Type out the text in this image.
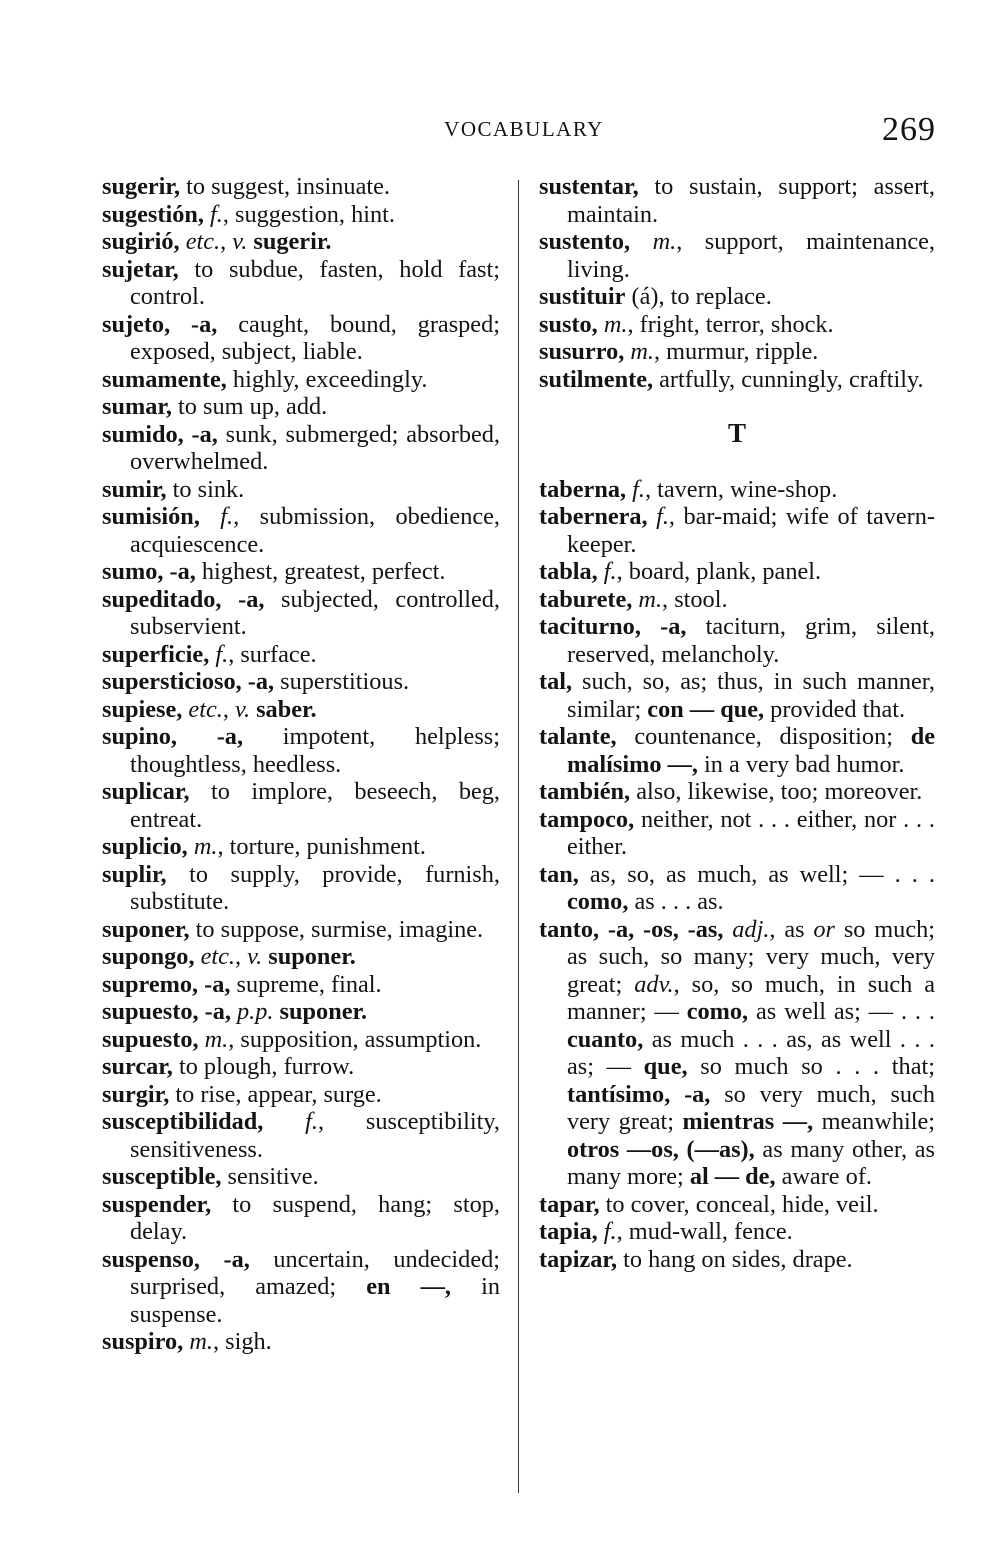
VOCABULARY	269
sugerir, to suggest, insinuate.
sugestión, f., suggestion, hint.
sugirió, etc., v. sugerir.
sujetar, to subdue, fasten, hold fast; control.
sujeto, -a, caught, bound, grasped; exposed, subject, liable.
sumamente, highly, exceedingly.
sumar, to sum up, add.
sumido, -a, sunk, submerged; absorbed, overwhelmed.
sumir, to sink.
sumisión, f., submission, obedience, acquiescence.
sumo, -a, highest, greatest, perfect.
supeditado, -a, subjected, controlled, subservient.
superficie, f., surface.
supersticioso, -a, superstitious.
supiese, etc., v. saber.
supino, -a, impotent, helpless; thoughtless, heedless.
suplicar, to implore, beseech, beg, entreat.
suplicio, m., torture, punishment.
suplir, to supply, provide, furnish, substitute.
suponer, to suppose, surmise, imagine.
supongo, etc., v. suponer.
supremo, -a, supreme, final.
supuesto, -a, p.p. suponer.
supuesto, m., supposition, assumption.
surcar, to plough, furrow.
surgir, to rise, appear, surge.
susceptibilidad, f., susceptibility, sensitiveness.
susceptible, sensitive.
suspender, to suspend, hang; stop, delay.
suspenso, -a, uncertain, undecided; surprised, amazed; en —, in suspense.
suspiro, m., sigh.
sustentar, to sustain, support; assert, maintain.
sustento, m., support, maintenance, living.
sustituir (á), to replace.
susto, m., fright, terror, shock.
susurro, m., murmur, ripple.
sutilmente, artfully, cunningly, craftily.
T
taberna, f., tavern, wine-shop.
tabernera, f., bar-maid; wife of tavern-keeper.
tabla, f., board, plank, panel.
taburete, m., stool.
taciturno, -a, taciturn, grim, silent, reserved, melancholy.
tal, such, so, as; thus, in such manner, similar; con — que, provided that.
talante, countenance, disposition; de malísimo —, in a very bad humor.
también, also, likewise, too; moreover.
tampoco, neither, not . . . either, nor . . . either.
tan, as, so, as much, as well; — . . . como, as . . . as.
tanto, -a, -os, -as, adj., as or so much; as such, so many; very much, very great; adv., so, so much, in such a manner; — como, as well as; — . . . cuanto, as much . . . as, as well . . . as; — que, so much so . . . that; tantísimo, -a, so very much, such very great; mientras —, meanwhile; otros —os, (—as), as many other, as many more; al — de, aware of.
tapar, to cover, conceal, hide, veil.
tapia, f., mud-wall, fence.
tapizar, to hang on sides, drape.
